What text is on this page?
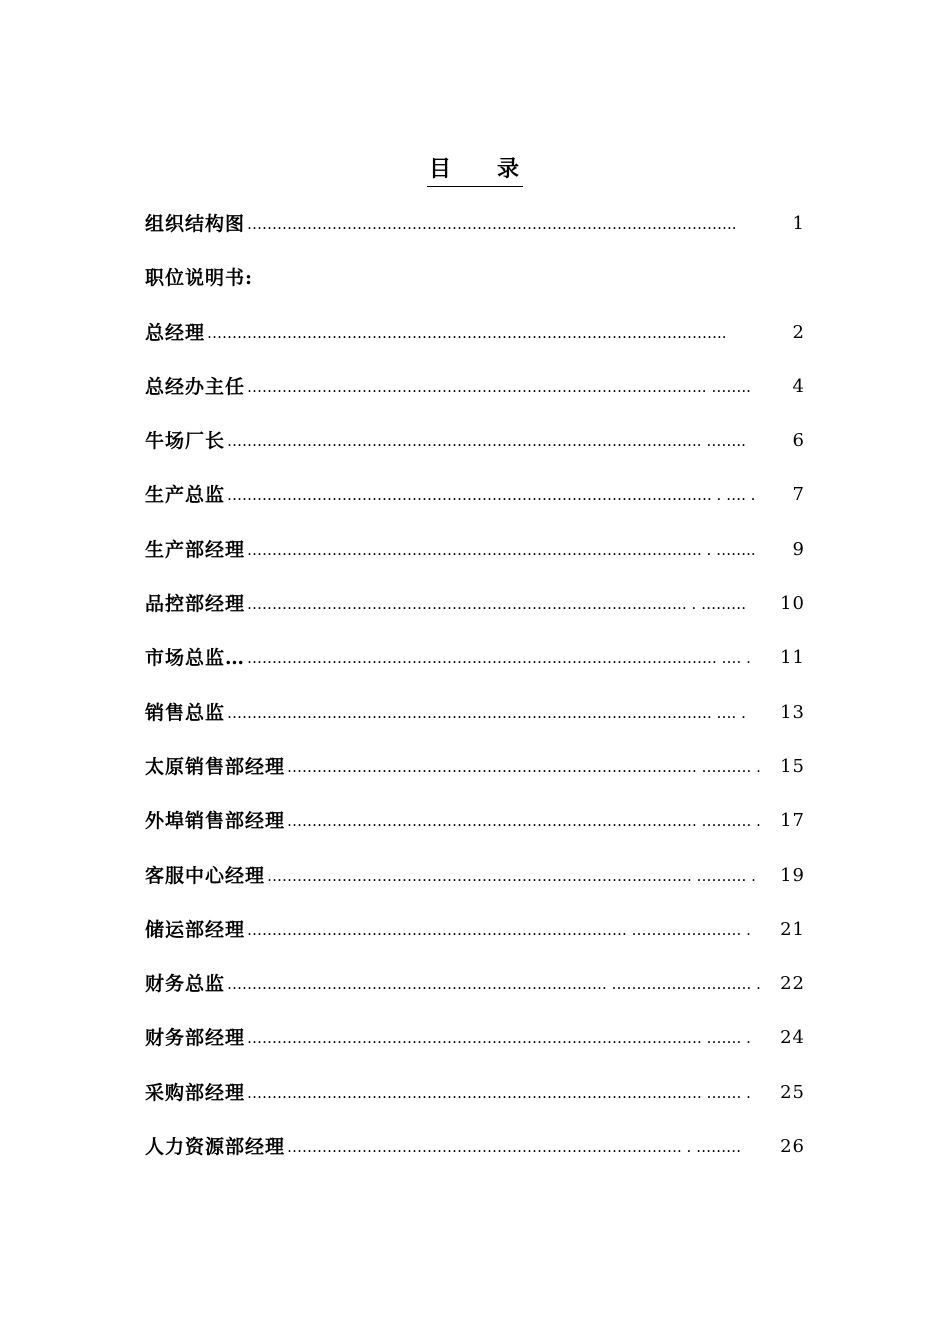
目 录
组织结构图 ……………………………………………………………………………………..	1
职位说明书:
总经理 …………………………………………………………………………………………..	2
总经办主任 ……………………………………………………………………………….. ……..	4
牛场厂长 ………………………………………………………………………………….. ……..	6
生产总监 ……………………………………………………………………………………. . …. .	7
生产部经理 ………………………………………………………………………………. . ……..	9
品控部经理 ……………………………………………………………………………. . ………	10
市场总监… …………………………………………………………………………………. …. .	11
销售总监 ……………………………………………………………………………………. …. .	13
太原销售部经理 ………………………………………………………………………. ………. .	15
外埠销售部经理 ………………………………………………………………………. ………. .	17
客服中心经理 …………………………………………………………………………. ………. .	19
储运部经理 …………………………………………………………………. …………………. .	21
财务总监 …………………………………………………………………. ………………………. .	22
财务部经理 ………………………………………………………………………………. ……. .	24
采购部经理 ………………………………………………………………………………. ……. .	25
人力资源部经理 ……………………………………………………………………. . ………	26
